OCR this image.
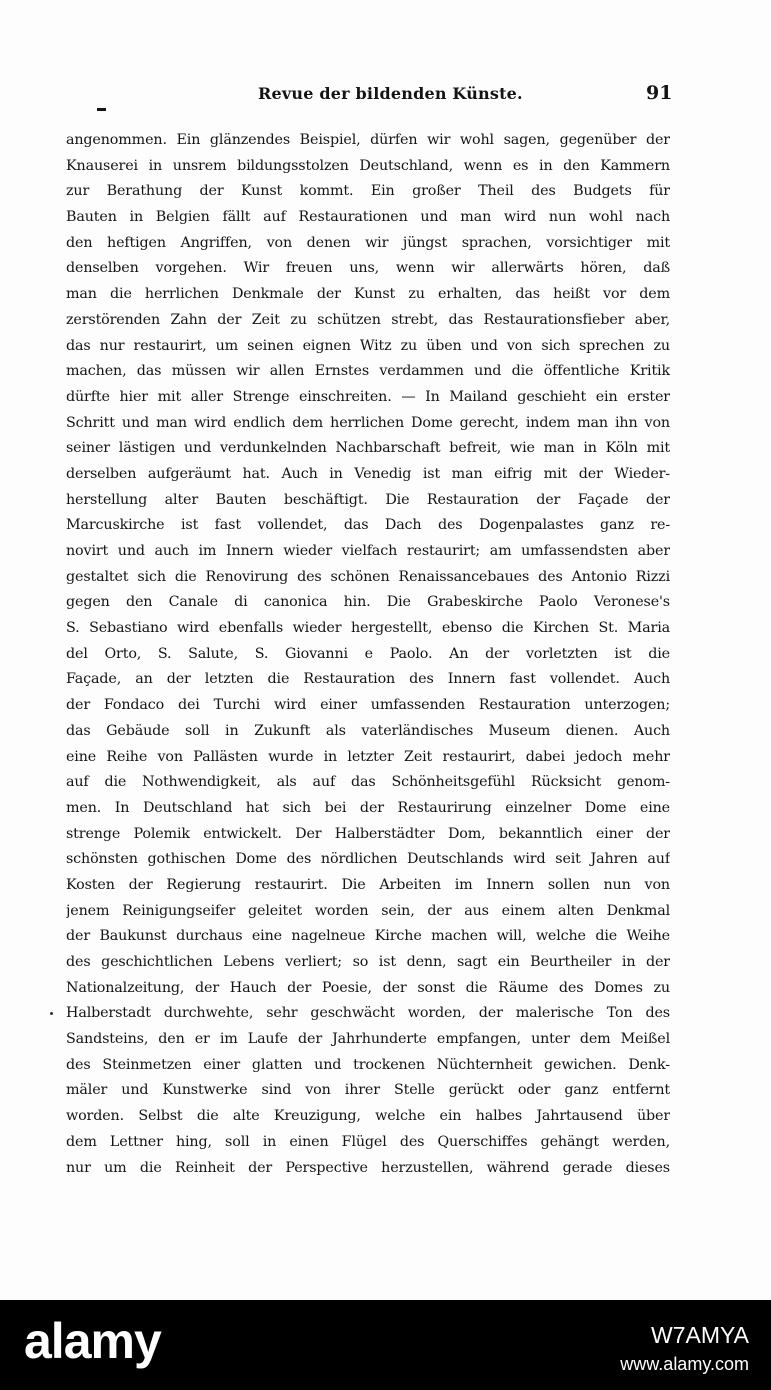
Revue der bildenden Künste.	91
angenommen. Ein glänzendes Beispiel, dürfen wir wohl sagen, gegenüber der
Knauserei in unsrem bildungsstolzen Deutschland, wenn es in den Kammern
zur Berathung der Kunst kommt. Ein großer Theil des Budgets für
Bauten in Belgien fällt auf Restaurationen und man wird nun wohl nach
den heftigen Angriffen, von denen wir jüngst sprachen, vorsichtiger mit
denselben vorgehen. Wir freuen uns, wenn wir allerwärts hören, daß
man die herrlichen Denkmale der Kunst zu erhalten, das heißt vor dem
zerstörenden Zahn der Zeit zu schützen strebt, das Restaurationsfieber aber,
das nur restaurirt, um seinen eignen Witz zu üben und von sich sprechen zu
machen, das müssen wir allen Ernstes verdammen und die öffentliche Kritik
dürfte hier mit aller Strenge einschreiten. — In Mailand geschieht ein erster
Schritt und man wird endlich dem herrlichen Dome gerecht, indem man ihn von
seiner lästigen und verdunkelnden Nachbarschaft befreit, wie man in Köln mit
derselben aufgeräumt hat. Auch in Venedig ist man eifrig mit der Wieder-
herstellung alter Bauten beschäftigt. Die Restauration der Façade der
Marcuskirche ist fast vollendet, das Dach des Dogenpalastes ganz re-
novirt und auch im Innern wieder vielfach restaurirt; am umfassendsten aber
gestaltet sich die Renovirung des schönen Renaissancebaues des Antonio Rizzi
gegen den Canale di canonica hin. Die Grabeskirche Paolo Veronese's
S. Sebastiano wird ebenfalls wieder hergestellt, ebenso die Kirchen St. Maria
del Orto, S. Salute, S. Giovanni e Paolo. An der vorletzten ist die
Façade, an der letzten die Restauration des Innern fast vollendet. Auch
der Fondaco dei Turchi wird einer umfassenden Restauration unterzogen;
das Gebäude soll in Zukunft als vaterländisches Museum dienen. Auch
eine Reihe von Pallästen wurde in letzter Zeit restaurirt, dabei jedoch mehr
auf die Nothwendigkeit, als auf das Schönheitsgefühl Rücksicht genom-
men. In Deutschland hat sich bei der Restaurirung einzelner Dome eine
strenge Polemik entwickelt. Der Halberstädter Dom, bekanntlich einer der
schönsten gothischen Dome des nördlichen Deutschlands wird seit Jahren auf
Kosten der Regierung restaurirt. Die Arbeiten im Innern sollen nun von
jenem Reinigungseifer geleitet worden sein, der aus einem alten Denkmal
der Baukunst durchaus eine nagelneue Kirche machen will, welche die Weihe
des geschichtlichen Lebens verliert; so ist denn, sagt ein Beurtheiler in der
Nationalzeitung, der Hauch der Poesie, der sonst die Räume des Domes zu
Halberstadt durchwehte, sehr geschwächt worden, der malerische Ton des
Sandsteins, den er im Laufe der Jahrhunderte empfangen, unter dem Meißel
des Steinmetzen einer glatten und trockenen Nüchternheit gewichen. Denk-
mäler und Kunstwerke sind von ihrer Stelle gerückt oder ganz entfernt
worden. Selbst die alte Kreuzigung, welche ein halbes Jahrtausend über
dem Lettner hing, soll in einen Flügel des Querschiffes gehängt werden,
nur um die Reinheit der Perspective herzustellen, während gerade dieses
alamy	W7AMYA
www.alamy.com
